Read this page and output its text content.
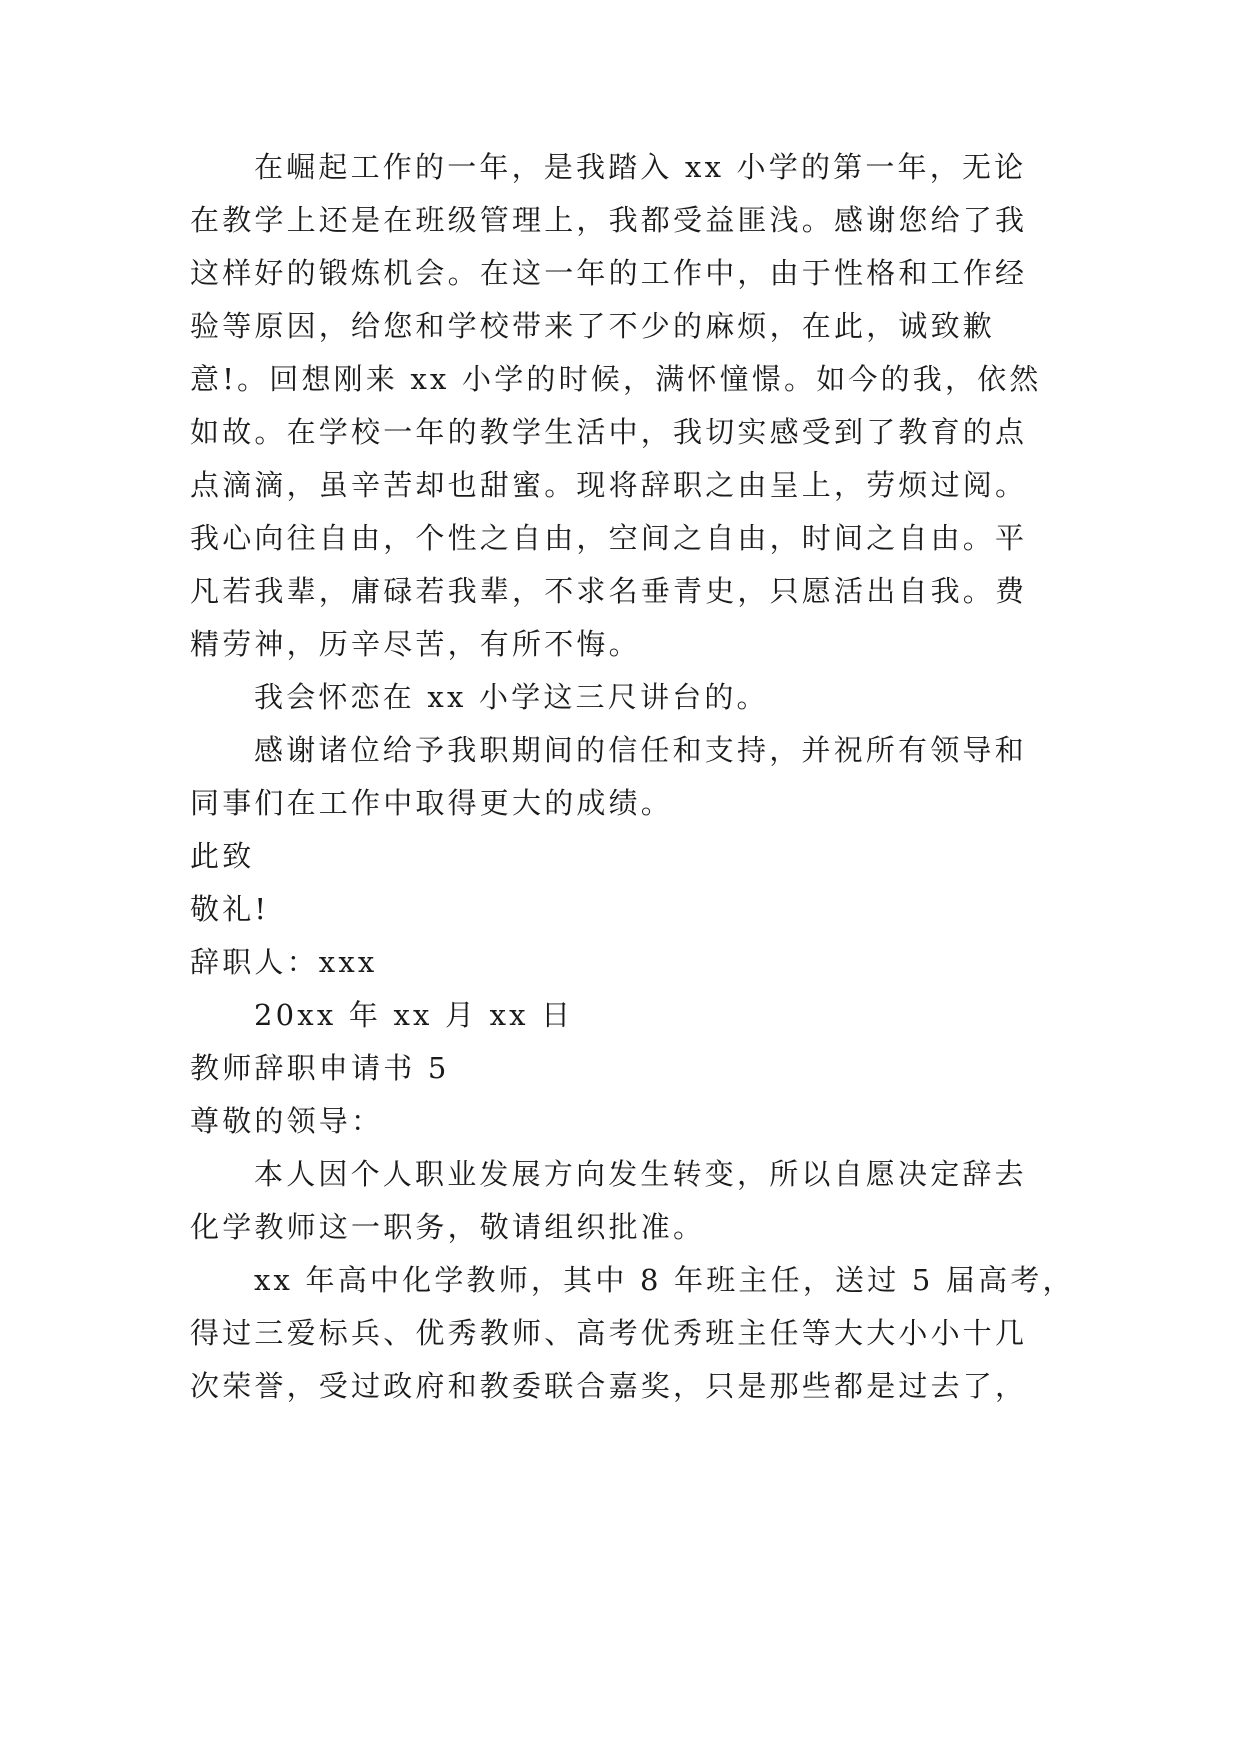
在崛起工作的一年，是我踏入 xx 小学的第一年，无论
在教学上还是在班级管理上，我都受益匪浅。感谢您给了我
这样好的锻炼机会。在这一年的工作中，由于性格和工作经
验等原因，给您和学校带来了不少的麻烦，在此，诚致歉
意!。回想刚来 xx 小学的时候，满怀憧憬。如今的我，依然
如故。在学校一年的教学生活中，我切实感受到了教育的点
点滴滴，虽辛苦却也甜蜜。现将辞职之由呈上，劳烦过阅。
我心向往自由，个性之自由，空间之自由，时间之自由。平
凡若我辈，庸碌若我辈，不求名垂青史，只愿活出自我。费
精劳神，历辛尽苦，有所不悔。
我会怀恋在 xx 小学这三尺讲台的。
感谢诸位给予我职期间的信任和支持，并祝所有领导和
同事们在工作中取得更大的成绩。
此致
敬礼!
辞职人：xxx
20xx 年 xx 月 xx 日
教师辞职申请书 5
尊敬的领导：
本人因个人职业发展方向发生转变，所以自愿决定辞去
化学教师这一职务，敬请组织批准。
xx 年高中化学教师，其中 8 年班主任，送过 5 届高考，
得过三爱标兵、优秀教师、高考优秀班主任等大大小小十几
次荣誉，受过政府和教委联合嘉奖，只是那些都是过去了，
